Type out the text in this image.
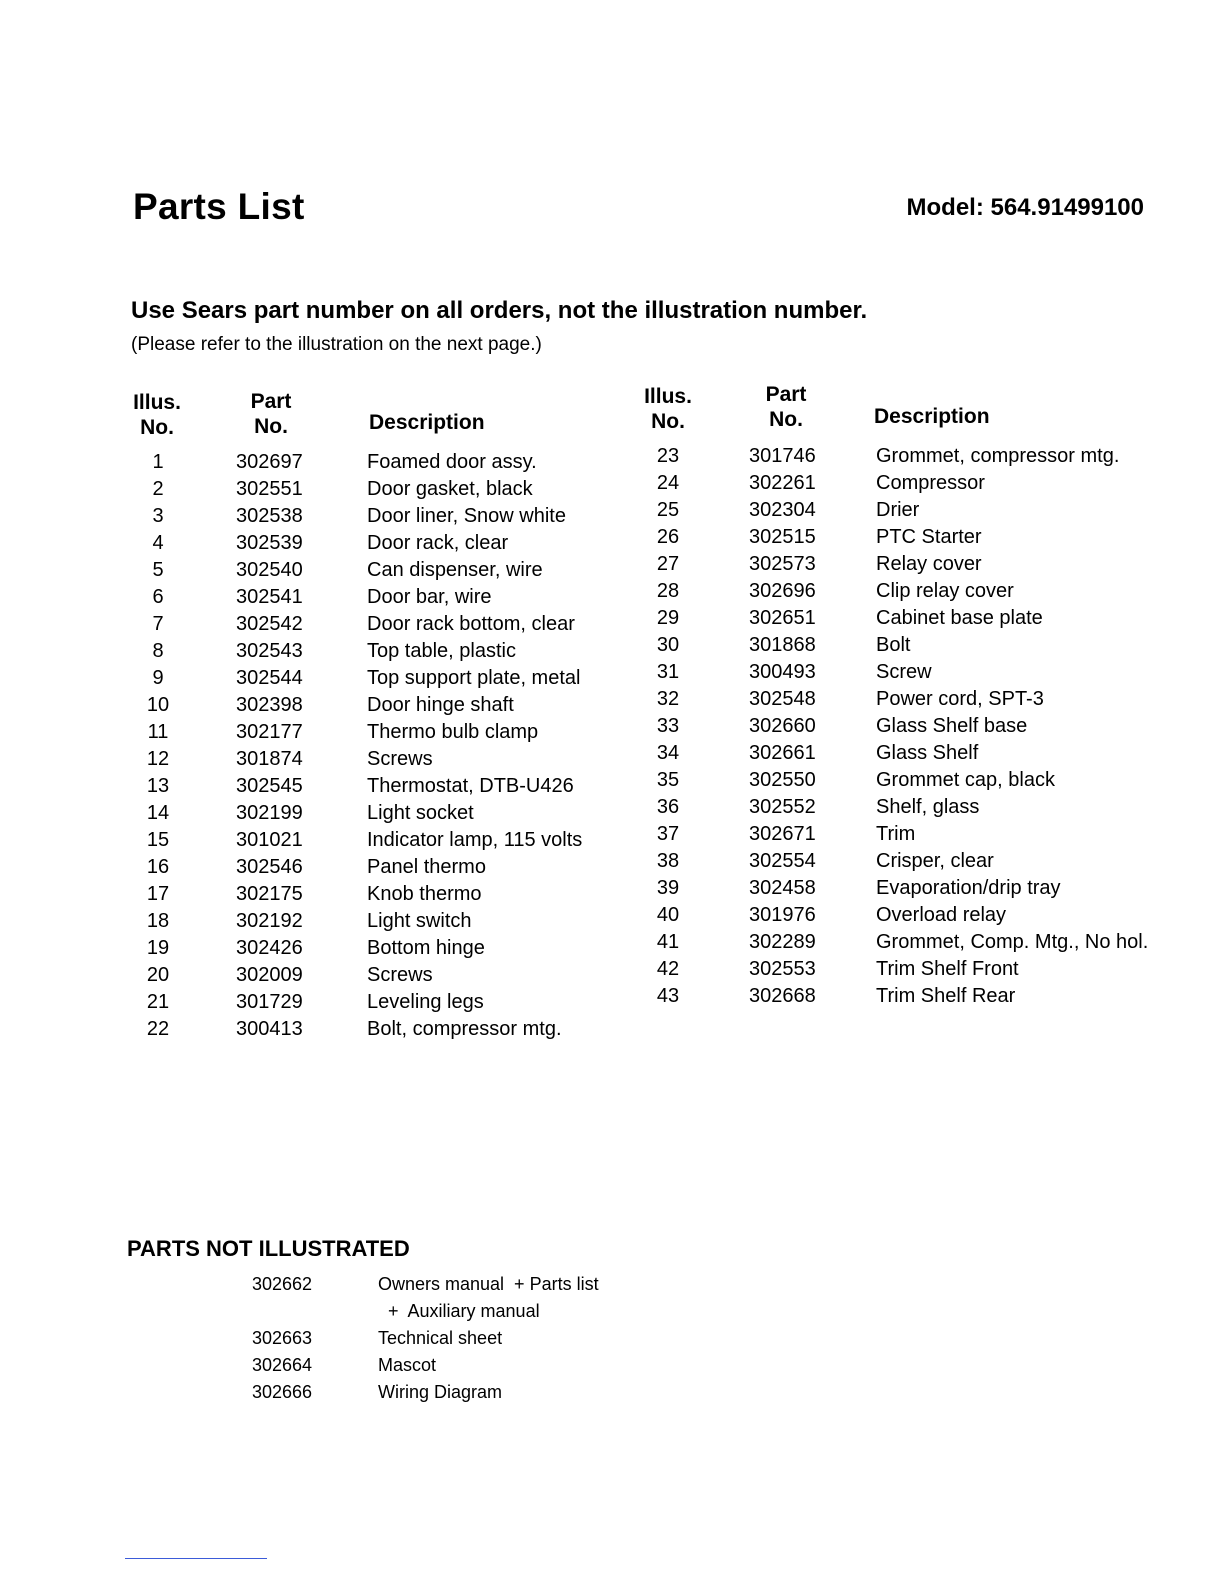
Parts List	Model: 564.91499100
Use Sears part number on all orders, not the illustration number.
(Please refer to the illustration on the next page.)
Illus.
No.
Part
No.	Description
Illus.
No.
Part
No.	Description
1	302697	Foamed door assy.
2	302551	Door gasket, black
3	302538	Door liner, Snow white
4	302539	Door rack, clear
5	302540	Can dispenser, wire
6	302541	Door bar, wire
7	302542	Door rack bottom, clear
8	302543	Top table, plastic
9	302544	Top support plate, metal
10	302398	Door hinge shaft
11	302177	Thermo bulb clamp
12	301874	Screws
13	302545	Thermostat, DTB-U426
14	302199	Light socket
15	301021	Indicator lamp, 115 volts
16	302546	Panel thermo
17	302175	Knob thermo
18	302192	Light switch
19	302426	Bottom hinge
20	302009	Screws
21	301729	Leveling legs
22	300413	Bolt, compressor mtg.
23	301746	Grommet, compressor mtg.
24	302261	Compressor
25	302304	Drier
26	302515	PTC Starter
27	302573	Relay cover
28	302696	Clip relay cover
29	302651	Cabinet base plate
30	301868	Bolt
31	300493	Screw
32	302548	Power cord, SPT-3
33	302660	Glass Shelf base
34	302661	Glass Shelf
35	302550	Grommet cap, black
36	302552	Shelf, glass
37	302671	Trim
38	302554	Crisper, clear
39	302458	Evaporation/drip tray
40	301976	Overload relay
41	302289	Grommet, Comp. Mtg., No hol.
42	302553	Trim Shelf Front
43	302668	Trim Shelf Rear
PARTS NOT ILLUSTRATED
302662	Owners manual  + Parts list
	+  Auxiliary manual
302663	Technical sheet
302664	Mascot
302666	Wiring Diagram
